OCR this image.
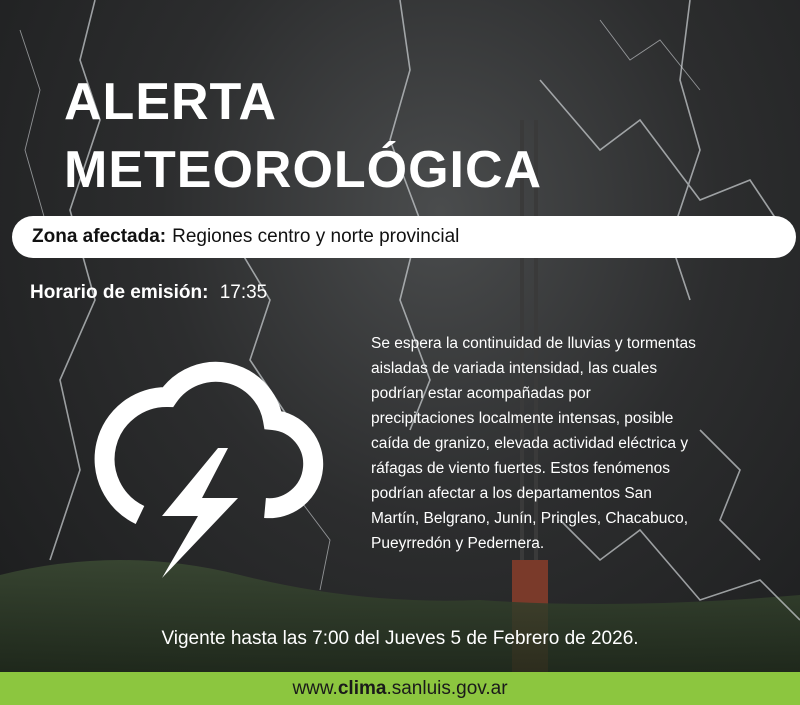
ALERTA
METEOROLÓGICA
Zona afectada: Regiones centro y norte provincial
Horario de emisión: 17:35
Se espera la continuidad de lluvias y tormentas
aisladas de variada intensidad, las cuales
podrían estar acompañadas por
precipitaciones localmente intensas, posible
caída de granizo, elevada actividad eléctrica y
ráfagas de viento fuertes. Estos fenómenos
podrían afectar a los departamentos San
Martín, Belgrano, Junín, Pringles, Chacabuco,
Pueyrredón y Pedernera.
Vigente hasta las 7:00 del Jueves 5 de Febrero de 2026.
www. clima .sanluis.gov.ar
